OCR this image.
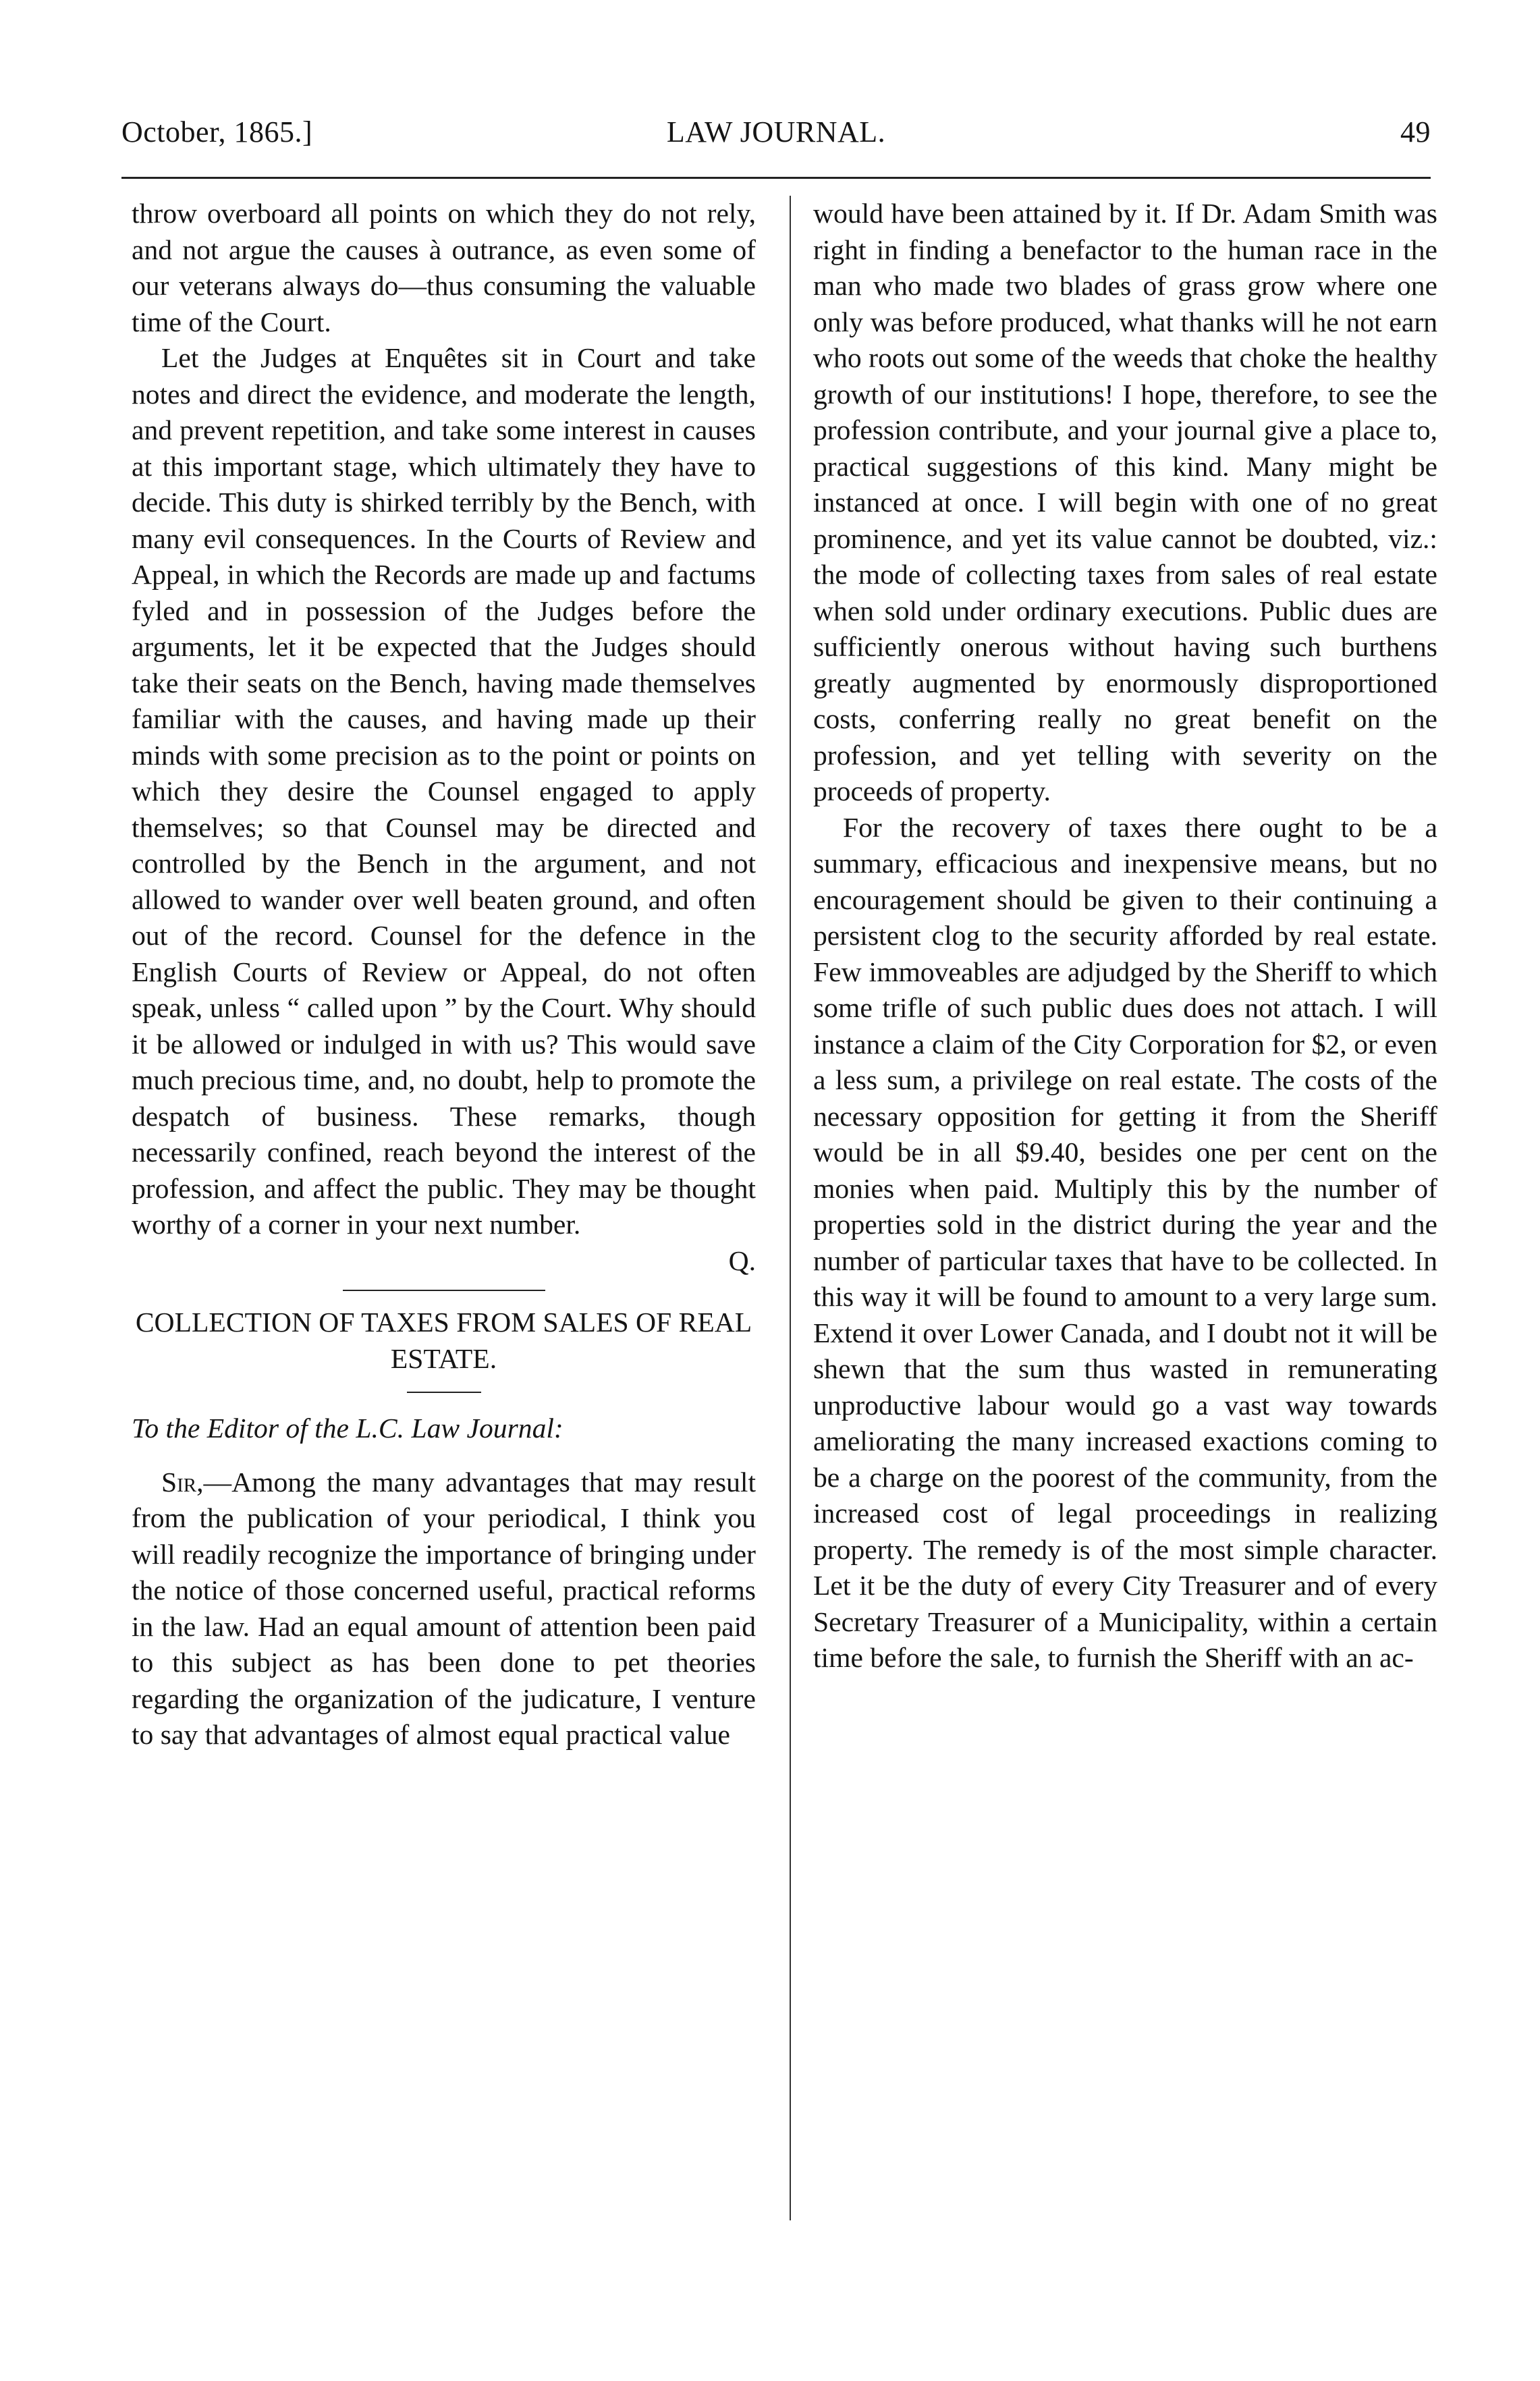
October, 1865.]	LAW JOURNAL.	49

throw overboard all points on which they do not rely, and not argue the causes à outrance, as even some of our veterans always do—thus consuming the valuable time of the Court.

Let the Judges at Enquêtes sit in Court and take notes and direct the evidence, and moderate the length, and prevent repetition, and take some interest in causes at this important stage, which ultimately they have to decide. This duty is shirked terribly by the Bench, with many evil consequences. In the Courts of Review and Appeal, in which the Records are made up and factums fyled and in possession of the Judges before the arguments, let it be expected that the Judges should take their seats on the Bench, having made themselves familiar with the causes, and having made up their minds with some precision as to the point or points on which they desire the Counsel engaged to apply themselves; so that Counsel may be directed and controlled by the Bench in the argument, and not allowed to wander over well beaten ground, and often out of the record. Counsel for the defence in the English Courts of Review or Appeal, do not often speak, unless “ called upon ” by the Court. Why should it be allowed or indulged in with us? This would save much precious time, and, no doubt, help to promote the despatch of business. These remarks, though necessarily confined, reach beyond the interest of the profession, and affect the public. They may be thought worthy of a corner in your next number.

Q.

COLLECTION OF TAXES FROM SALES OF REAL ESTATE.

To the Editor of the L.C. Law Journal:

Sir,—Among the many advantages that may result from the publication of your periodical, I think you will readily recognize the importance of bringing under the notice of those concerned useful, practical reforms in the law. Had an equal amount of attention been paid to this subject as has been done to pet theories regarding the organization of the judicature, I venture to say that advantages of almost equal practical value

would have been attained by it. If Dr. Adam Smith was right in finding a benefactor to the human race in the man who made two blades of grass grow where one only was before produced, what thanks will he not earn who roots out some of the weeds that choke the healthy growth of our institutions! I hope, therefore, to see the profession contribute, and your journal give a place to, practical suggestions of this kind. Many might be instanced at once. I will begin with one of no great prominence, and yet its value cannot be doubted, viz.: the mode of collecting taxes from sales of real estate when sold under ordinary executions. Public dues are sufficiently onerous without having such burthens greatly augmented by enormously disproportioned costs, conferring really no great benefit on the profession, and yet telling with severity on the proceeds of property.

For the recovery of taxes there ought to be a summary, efficacious and inexpensive means, but no encouragement should be given to their continuing a persistent clog to the security afforded by real estate. Few immoveables are adjudged by the Sheriff to which some trifle of such public dues does not attach. I will instance a claim of the City Corporation for $2, or even a less sum, a privilege on real estate. The costs of the necessary opposition for getting it from the Sheriff would be in all $9.40, besides one per cent on the monies when paid. Multiply this by the number of properties sold in the district during the year and the number of particular taxes that have to be collected. In this way it will be found to amount to a very large sum. Extend it over Lower Canada, and I doubt not it will be shewn that the sum thus wasted in remunerating unproductive labour would go a vast way towards ameliorating the many increased exactions coming to be a charge on the poorest of the community, from the increased cost of legal proceedings in realizing property. The remedy is of the most simple character. Let it be the duty of every City Treasurer and of every Secretary Treasurer of a Municipality, within a certain time before the sale, to furnish the Sheriff with an ac-
